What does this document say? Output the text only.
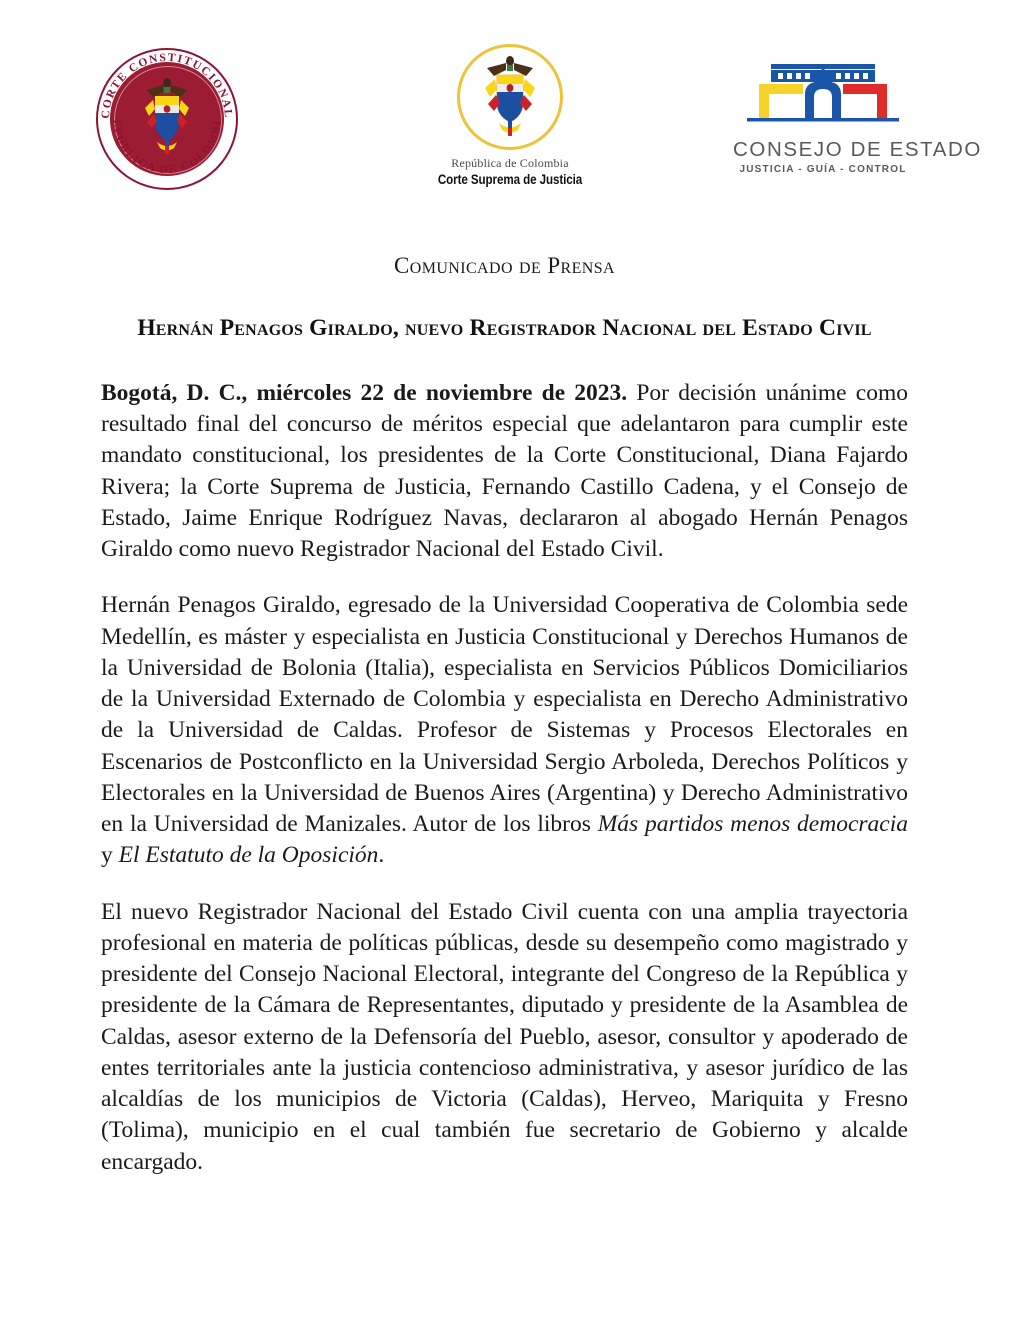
CORTE CONSTITUCIONAL
REPÚBLICA DE COLOMBIA
República de Colombia
Corte Suprema de Justicia
CONSEJO DE ESTADO
JUSTICIA - GUÍA - CONTROL
Comunicado de Prensa
Hernán Penagos Giraldo, nuevo Registrador Nacional del Estado Civil

Bogotá, D. C., miércoles 22 de noviembre de 2023. Por decisión unánime como resultado final del concurso de méritos especial que adelantaron para cumplir este mandato constitucional, los presidentes de la Corte Constitucional, Diana Fajardo Rivera; la Corte Suprema de Justicia, Fernando Castillo Cadena, y el Consejo de Estado, Jaime Enrique Rodríguez Navas, declararon al abogado Hernán Penagos Giraldo como nuevo Registrador Nacional del Estado Civil.

Hernán Penagos Giraldo, egresado de la Universidad Cooperativa de Colombia sede Medellín, es máster y especialista en Justicia Constitucional y Derechos Humanos de la Universidad de Bolonia (Italia), especialista en Servicios Públicos Domiciliarios de la Universidad Externado de Colombia y especialista en Derecho Administrativo de la Universidad de Caldas. Profesor de Sistemas y Procesos Electorales en Escenarios de Postconflicto en la Universidad Sergio Arboleda, Derechos Políticos y Electorales en la Universidad de Buenos Aires (Argentina) y Derecho Administrativo en la Universidad de Manizales. Autor de los libros Más partidos menos democracia y El Estatuto de la Oposición.

El nuevo Registrador Nacional del Estado Civil cuenta con una amplia trayectoria profesional en materia de políticas públicas, desde su desempeño como magistrado y presidente del Consejo Nacional Electoral, integrante del Congreso de la República y presidente de la Cámara de Representantes, diputado y presidente de la Asamblea de Caldas, asesor externo de la Defensoría del Pueblo, asesor, consultor y apoderado de entes territoriales ante la justicia contencioso administrativa, y asesor jurídico de las alcaldías de los municipios de Victoria (Caldas), Herveo, Mariquita y Fresno (Tolima), municipio en el cual también fue secretario de Gobierno y alcalde encargado.
